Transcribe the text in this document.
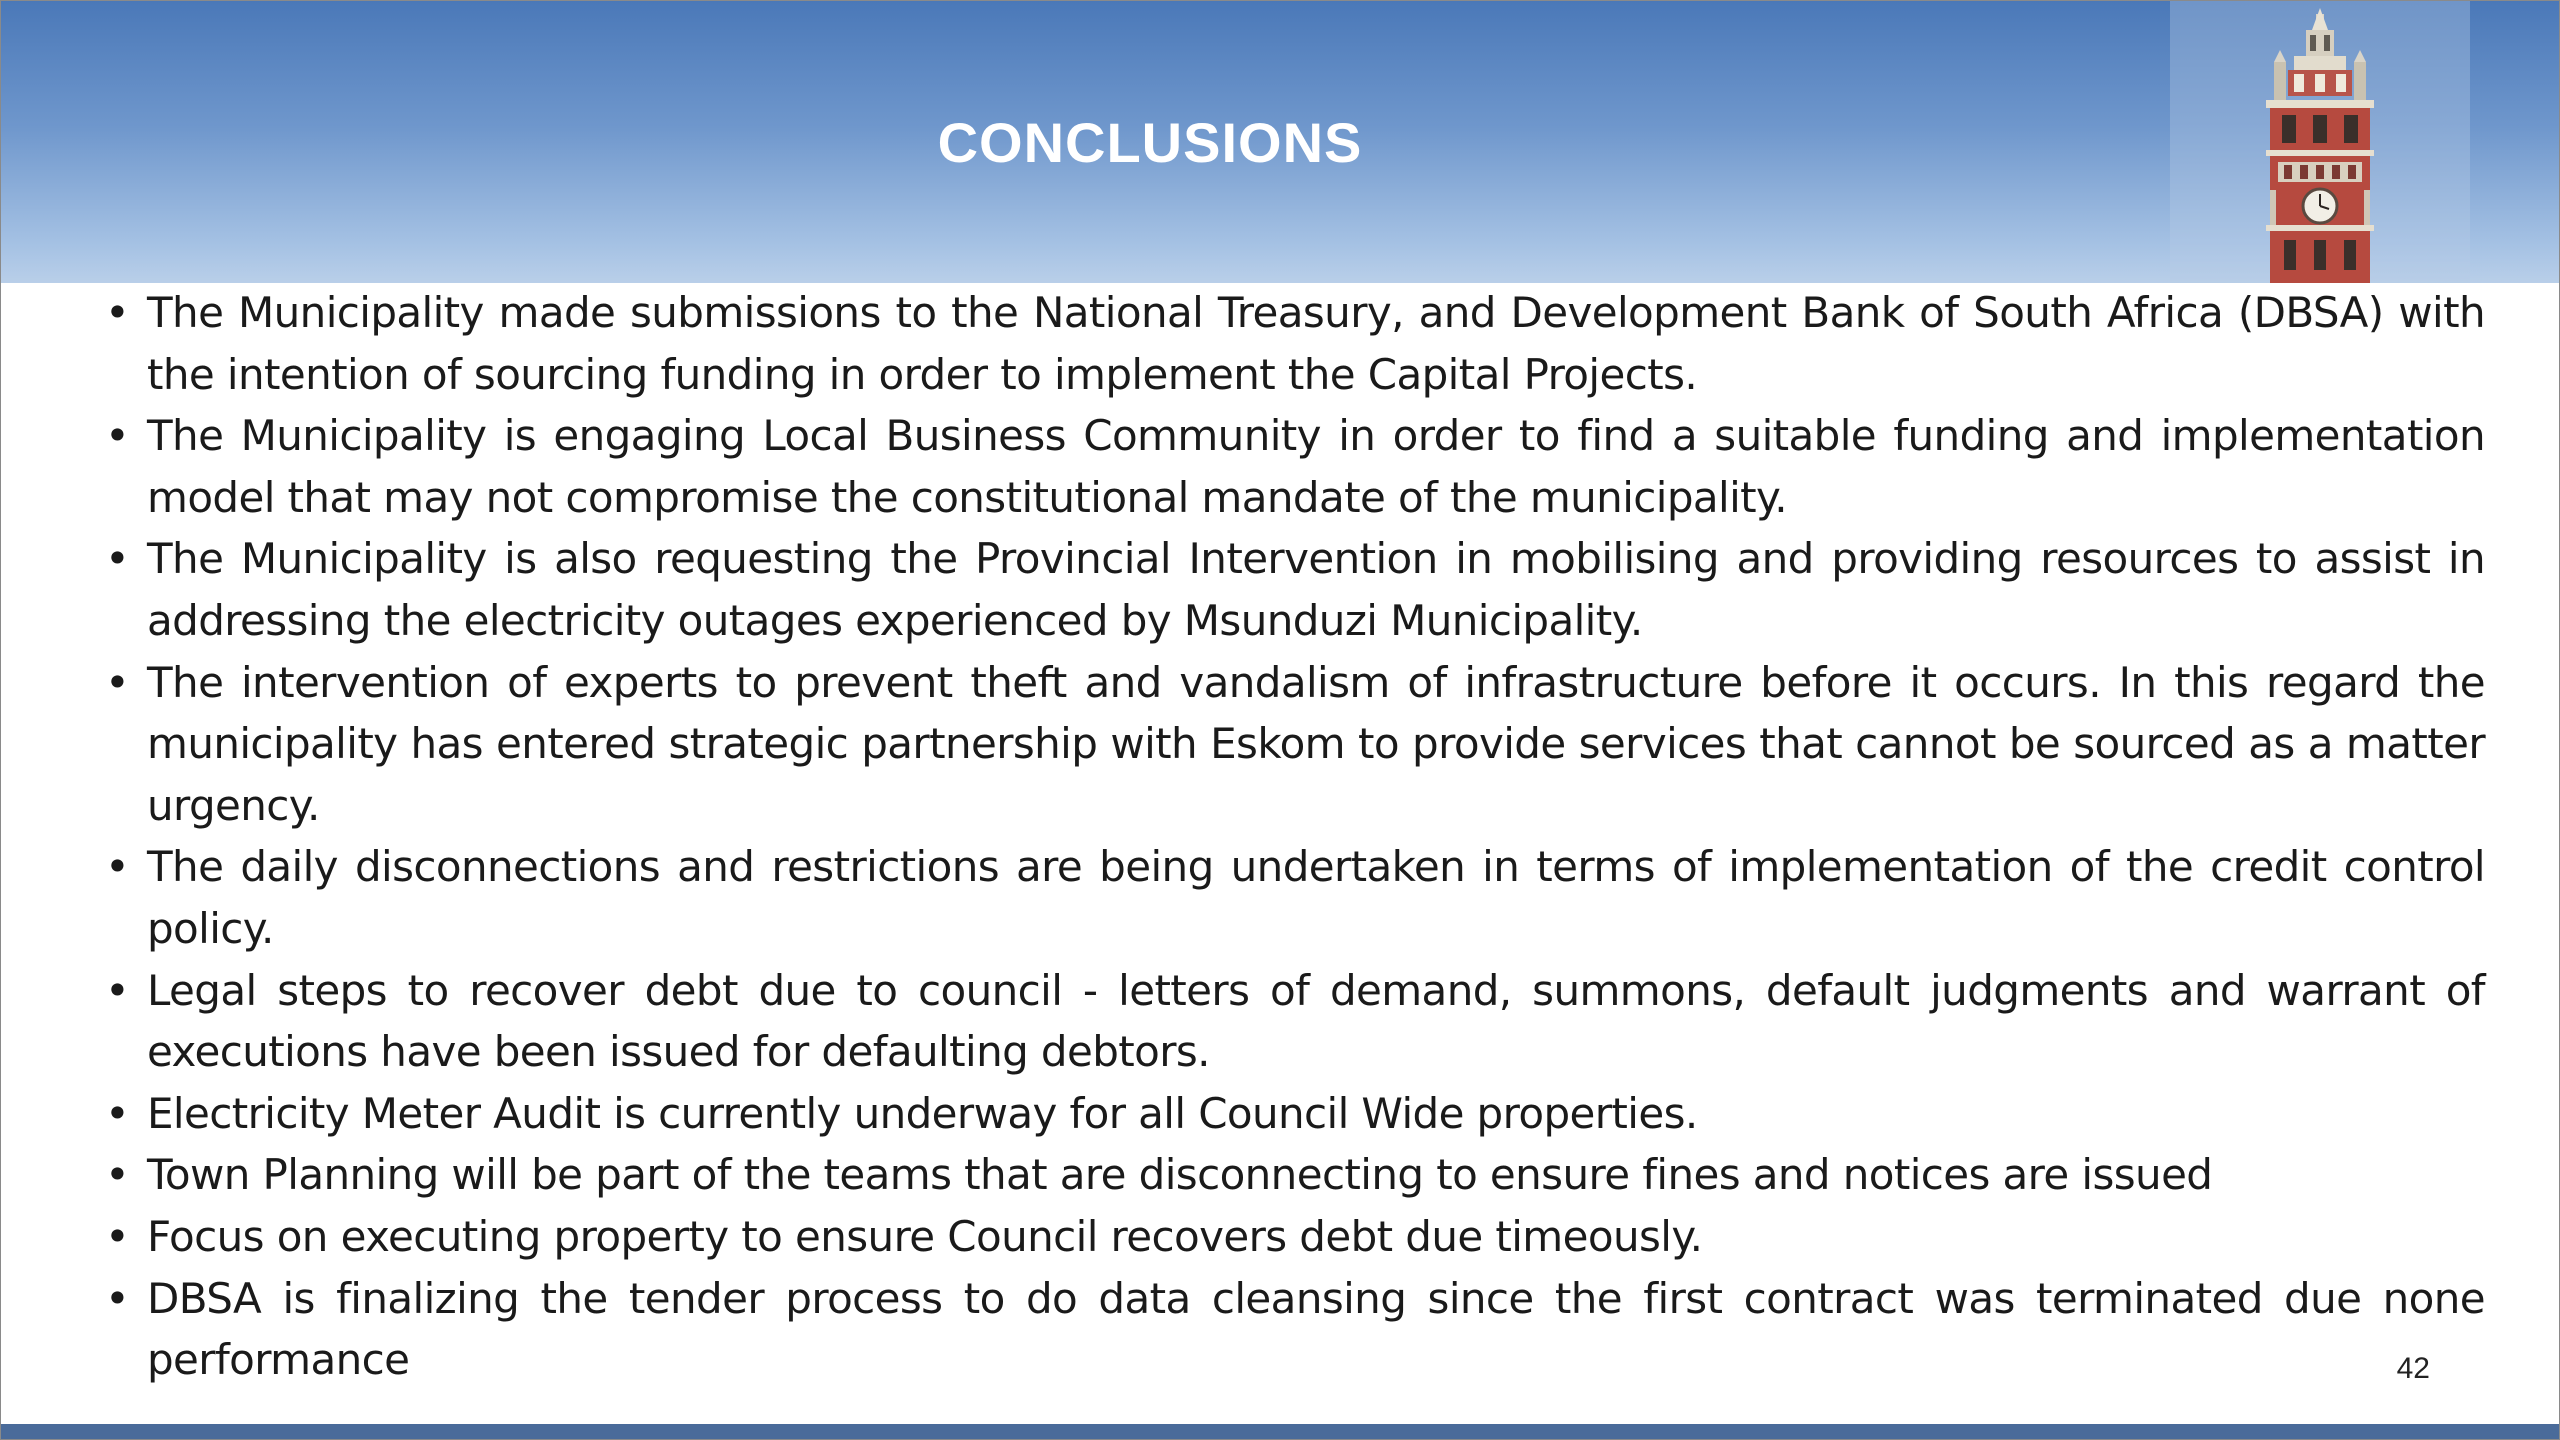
CONCLUSIONS
• The Municipality made submissions to the National Treasury, and Development Bank of South Africa (DBSA) with the intention of sourcing funding in order to implement the Capital Projects.
• The Municipality is engaging Local Business Community in order to find a suitable funding and implementation model that may not compromise the constitutional mandate of the municipality.
• The Municipality is also requesting the Provincial Intervention in mobilising and providing resources to assist in addressing the electricity outages experienced by Msunduzi Municipality.
• The intervention of experts to prevent theft and vandalism of infrastructure before it occurs. In this regard the municipality has entered strategic partnership with Eskom to provide services that cannot be sourced as a matter urgency.
• The daily disconnections and restrictions are being undertaken in terms of implementation of the credit control policy.
• Legal steps to recover debt due to council - letters of demand, summons, default judgments and warrant of executions have been issued for defaulting debtors.
• Electricity Meter Audit is currently underway for all Council Wide properties.
• Town Planning will be part of the teams that are disconnecting to ensure fines and notices are issued
• Focus on executing property to ensure Council recovers debt due timeously.
• DBSA is finalizing the tender process to do data cleansing since the first contract was terminated due none performance	42
